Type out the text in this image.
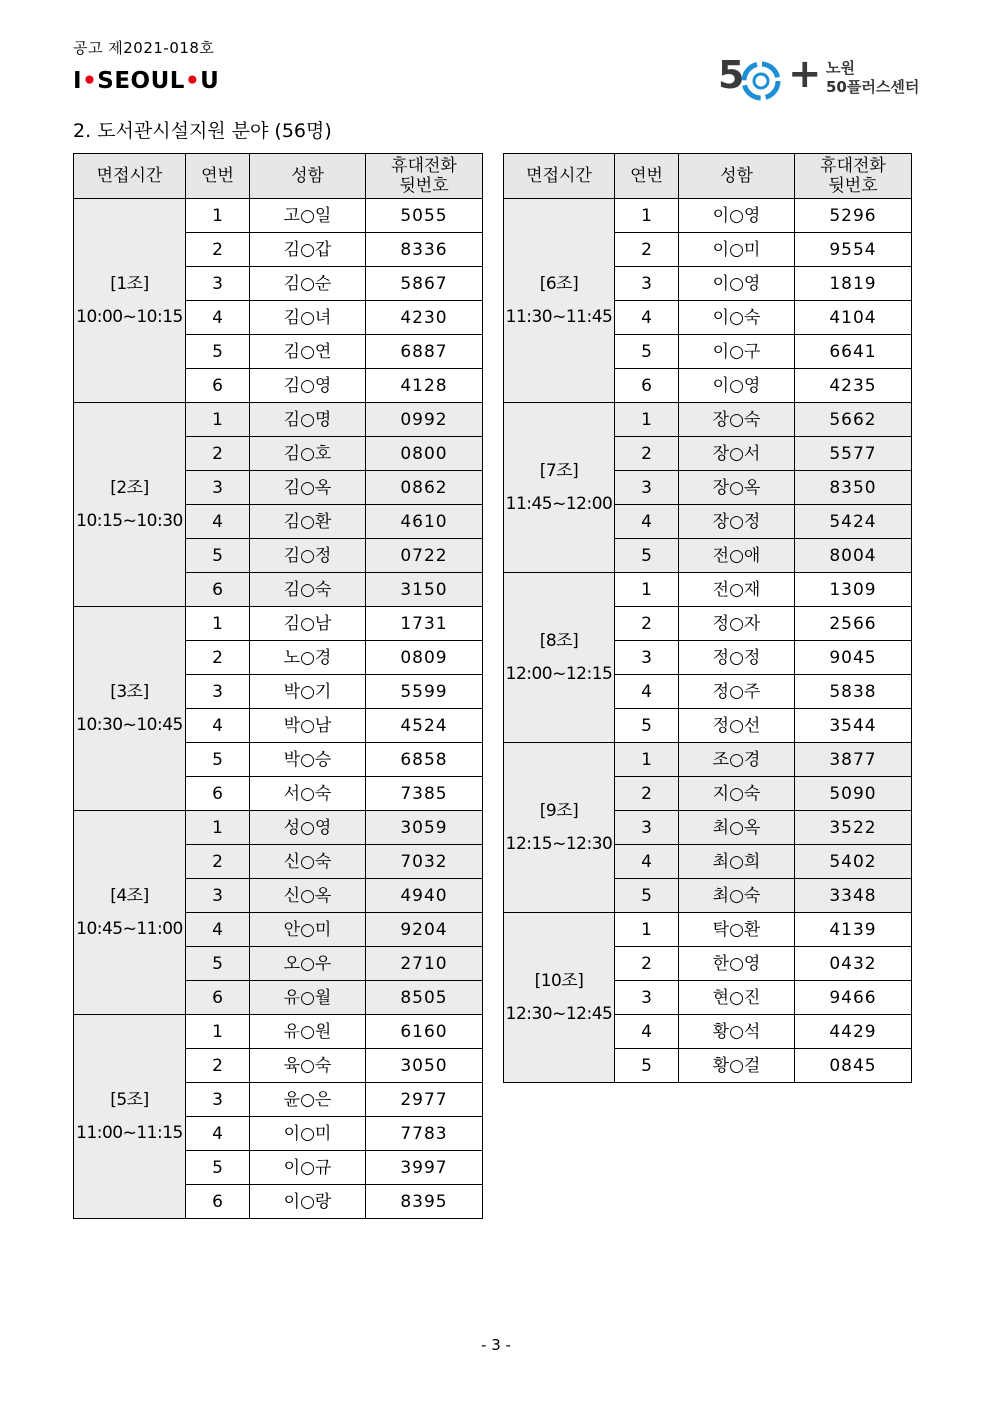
공고 제2021-018호
I•SEOUL•U	5 + 노원
50플러스센터
2. 도서관시설지원 분야 (56명)
면접시간	연번	성함	휴대전화
뒷번호

[1조]
10:00~10:15	1	고○일	5055
	2	김○갑	8336
	3	김○순	5867
	4	김○녀	4230
	5	김○연	6887
	6	김○영	4128

[2조]
10:15~10:30	1	김○명	0992
	2	김○호	0800
	3	김○옥	0862
	4	김○환	4610
	5	김○정	0722
	6	김○숙	3150

[3조]
10:30~10:45	1	김○남	1731
	2	노○경	0809
	3	박○기	5599
	4	박○남	4524
	5	박○승	6858
	6	서○숙	7385

[4조]
10:45~11:00	1	성○영	3059
	2	신○숙	7032
	3	신○옥	4940
	4	안○미	9204
	5	오○우	2710
	6	유○월	8505

[5조]
11:00~11:15	1	유○원	6160
	2	육○숙	3050
	3	윤○은	2977
	4	이○미	7783
	5	이○규	3997
	6	이○랑	8395
면접시간	연번	성함	휴대전화
뒷번호

[6조]
11:30~11:45	1	이○영	5296
	2	이○미	9554
	3	이○영	1819
	4	이○숙	4104
	5	이○구	6641
	6	이○영	4235

[7조]
11:45~12:00	1	장○숙	5662
	2	장○서	5577
	3	장○옥	8350
	4	장○정	5424
	5	전○애	8004

[8조]
12:00~12:15	1	전○재	1309
	2	정○자	2566
	3	정○정	9045
	4	정○주	5838
	5	정○선	3544

[9조]
12:15~12:30	1	조○경	3877
	2	지○숙	5090
	3	최○옥	3522
	4	최○희	5402
	5	최○숙	3348

[10조]
12:30~12:45	1	탁○환	4139
	2	한○영	0432
	3	현○진	9466
	4	황○석	4429
	5	황○걸	0845
- 3 -
